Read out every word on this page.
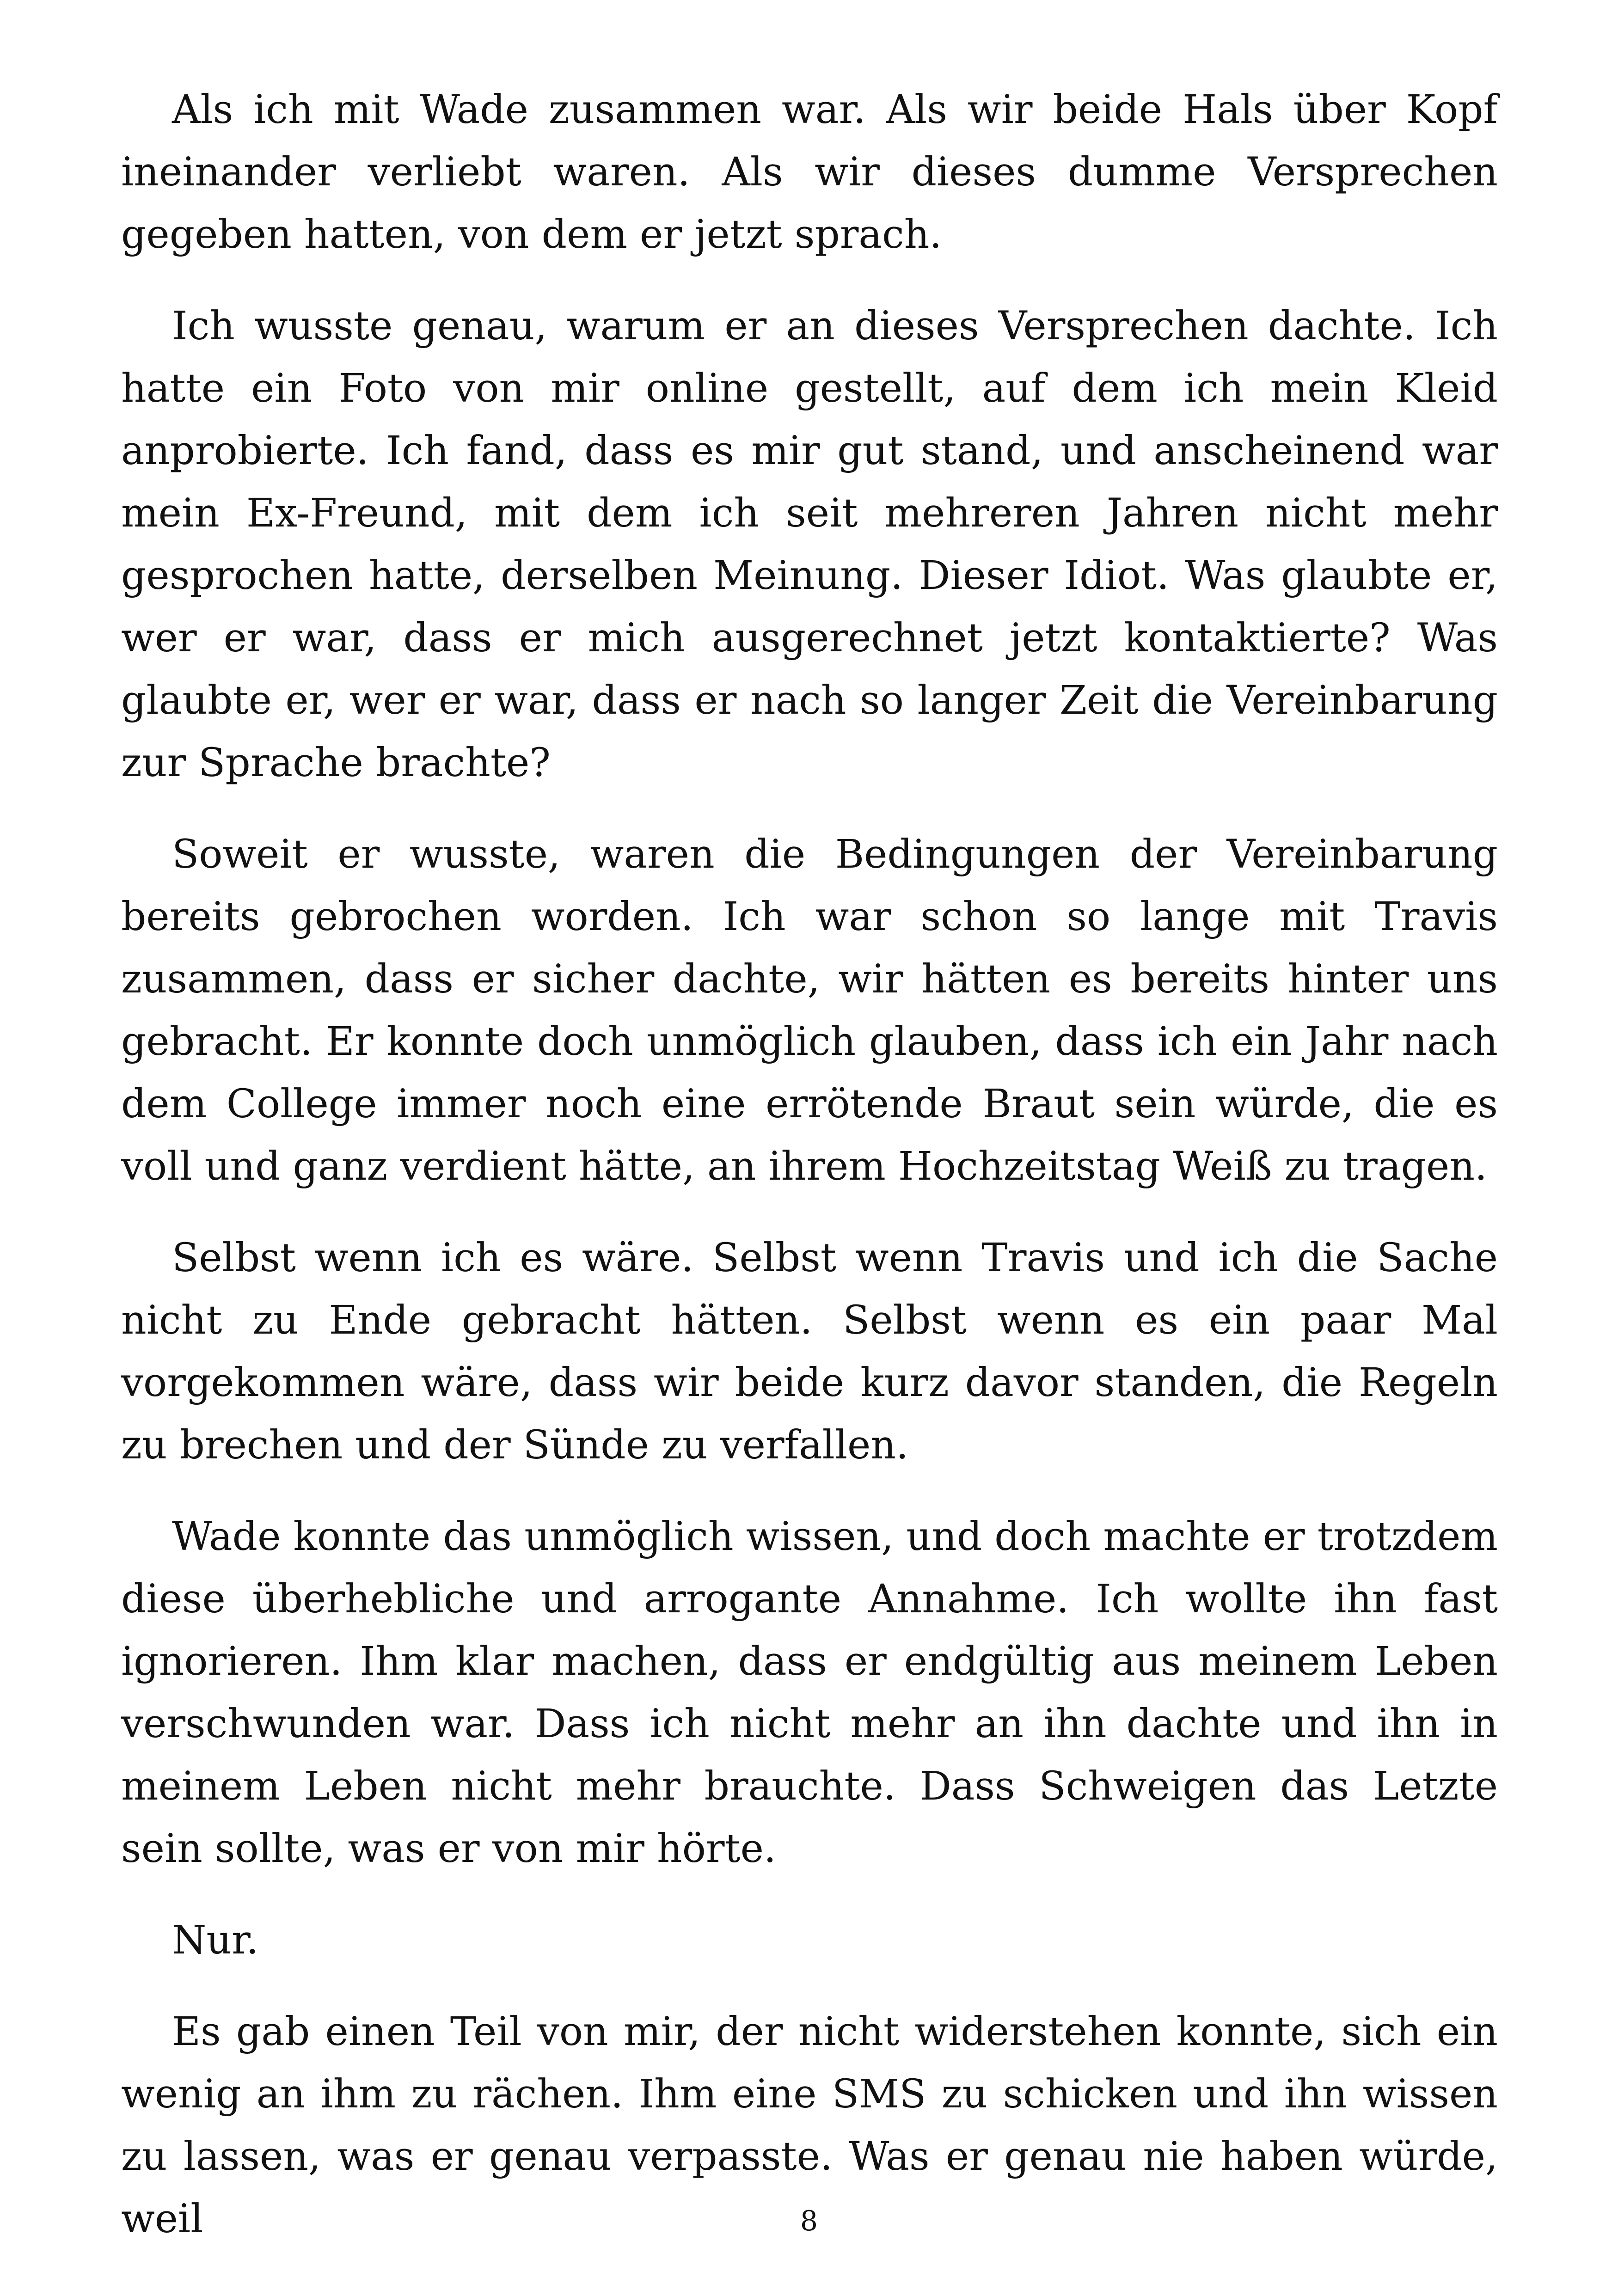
Als ich mit Wade zusammen war. Als wir beide Hals über Kopf ineinander verliebt waren. Als wir dieses dumme Versprechen gegeben hatten, von dem er jetzt sprach.

Ich wusste genau, warum er an dieses Versprechen dachte. Ich hatte ein Foto von mir online gestellt, auf dem ich mein Kleid anprobierte. Ich fand, dass es mir gut stand, und anscheinend war mein Ex-Freund, mit dem ich seit mehreren Jahren nicht mehr gesprochen hatte, derselben Meinung. Dieser Idiot. Was glaubte er, wer er war, dass er mich ausgerechnet jetzt kontaktierte? Was glaubte er, wer er war, dass er nach so langer Zeit die Vereinbarung zur Sprache brachte?

Soweit er wusste, waren die Bedingungen der Vereinbarung bereits gebrochen worden. Ich war schon so lange mit Travis zusammen, dass er sicher dachte, wir hätten es bereits hinter uns gebracht. Er konnte doch unmöglich glauben, dass ich ein Jahr nach dem College immer noch eine errötende Braut sein würde, die es voll und ganz verdient hätte, an ihrem Hochzeitstag Weiß zu tragen.

Selbst wenn ich es wäre. Selbst wenn Travis und ich die Sache nicht zu Ende gebracht hätten. Selbst wenn es ein paar Mal vorgekommen wäre, dass wir beide kurz davor standen, die Regeln zu brechen und der Sünde zu verfallen.

Wade konnte das unmöglich wissen, und doch machte er trotzdem diese überhebliche und arrogante Annahme. Ich wollte ihn fast ignorieren. Ihm klar machen, dass er endgültig aus meinem Leben verschwunden war. Dass ich nicht mehr an ihn dachte und ihn in meinem Leben nicht mehr brauchte. Dass Schweigen das Letzte sein sollte, was er von mir hörte.

Nur.

Es gab einen Teil von mir, der nicht widerstehen konnte, sich ein wenig an ihm zu rächen. Ihm eine SMS zu schicken und ihn wissen zu lassen, was er genau verpasste. Was er genau nie haben würde, weil	8
